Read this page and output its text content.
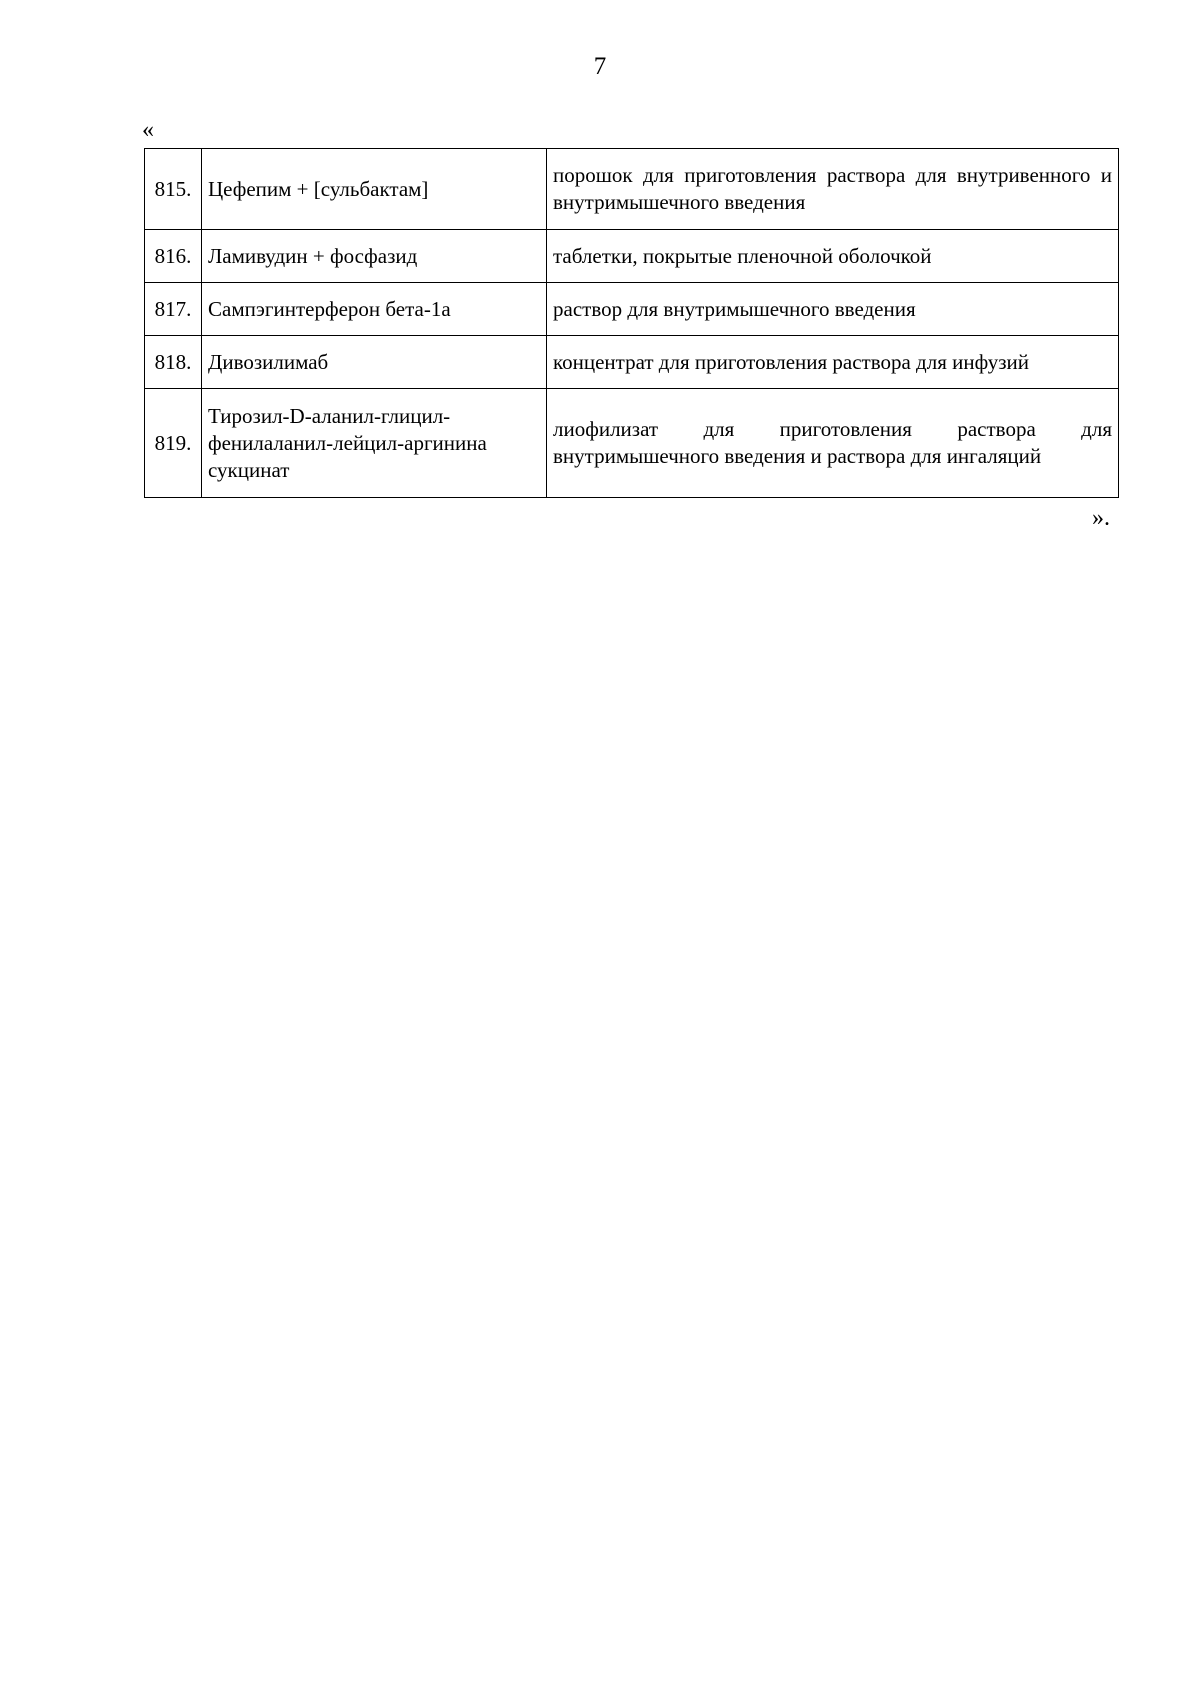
7
«
815.	Цефепим + [сульбактам]	порошок для приготовления раствора для внутривенного и внутримышечного введения
816.	Ламивудин + фосфазид	таблетки, покрытые пленочной оболочкой
817.	Сампэгинтерферон бета-1а	раствор для внутримышечного введения
818.	Дивозилимаб	концентрат для приготовления раствора для инфузий
819.	Тирозил-D-аланил-глицил-фенилаланил-лейцил-аргинина сукцинат	лиофилизат для приготовления раствора для внутримышечного введения и раствора для ингаляций
».
